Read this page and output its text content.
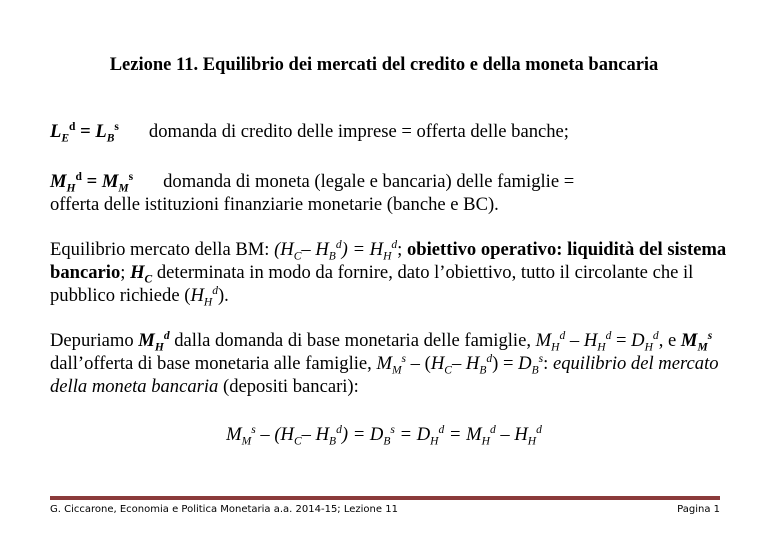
Lezione 11. Equilibrio dei mercati del credito e della moneta bancaria
$L_E^d = L_B^s$ domanda di credito delle imprese = offerta delle banche;
$M_H^d = M_M^s$ domanda di moneta (legale e bancaria) delle famiglie =
offerta delle istituzioni finanziarie monetarie (banche e BC).
Equilibrio mercato della BM: ($H_C-$ $H_B^d) = H_H^d$; obiettivo operativo: liquidità del sistema bancario; $H_C$ determinata in modo da fornire, dato l’obiettivo, tutto il circolante che il pubblico richiede $(H_H^d)$.
Depuriamo $M_H^d$ dalla domanda di base monetaria delle famiglie, $M_H^d - H_H^d = D_H^d$, e $M_M^s$ dall’offerta di base monetaria alle famiglie, $M_M^s - (H_C-$ $H_B^d) = D_B^s$: equilibrio del mercato della moneta bancaria (depositi bancari):
$M_M^s - (H_C-$ $H_B^d) = D_B^s = D_H^d = M_H^d - H_H^d$
G. Ciccarone, Economia e Politica Monetaria a.a. 2014-15; Lezione 11	Pagina 1
